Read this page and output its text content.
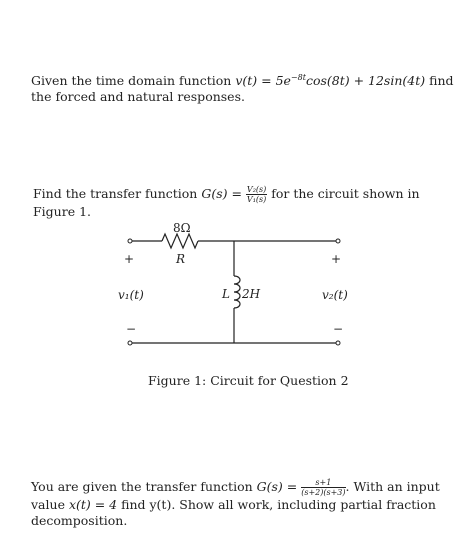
Given the time domain function $v(t) = 5e^{-8t}\cos(8t) + 12\sin(4t)$ find the forced and natural responses.
Find the transfer function $G(s) = \frac{\text{V₂(s)}}{\text{V₁(s)}}$ for the circuit shown in Figure 1.
8Ω
R
+	+
v₁(t)	v₂(t)
L 2H
−	−
Figure 1: Circuit for Question 2
You are given the transfer function $G(s) = \frac{s+1}{(s+2)(s+3)}$ . With an input value x(t) = 4 find y(t). Show all work, including partial fraction decomposition.
